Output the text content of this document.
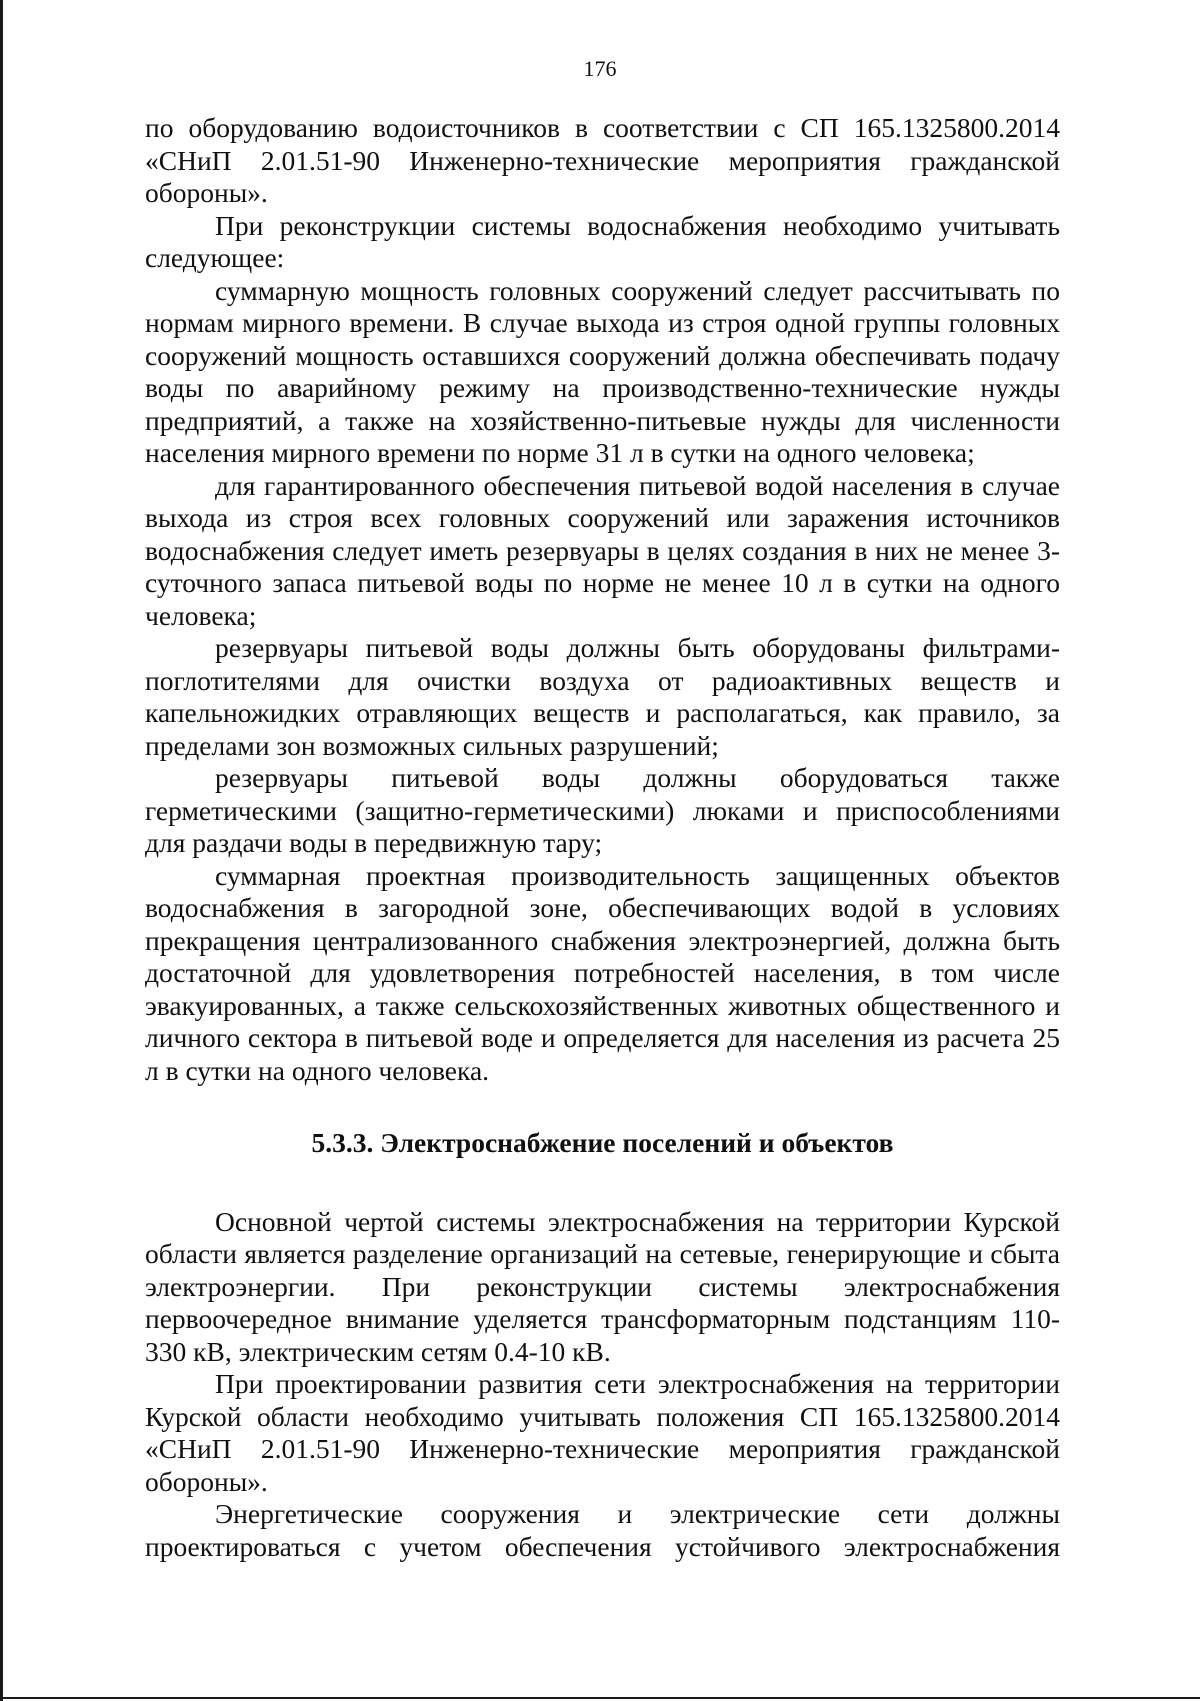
176

по оборудованию водоисточников в соответствии с СП 165.1325800.2014 «СНиП 2.01.51-90 Инженерно-технические мероприятия гражданской обороны».

При реконструкции системы водоснабжения необходимо учитывать следующее:

суммарную мощность головных сооружений следует рассчитывать по нормам мирного времени. В случае выхода из строя одной группы головных сооружений мощность оставшихся сооружений должна обеспечивать подачу воды по аварийному режиму на производственно-технические нужды предприятий, а также на хозяйственно-питьевые нужды для численности населения мирного времени по норме 31 л в сутки на одного человека;

для гарантированного обеспечения питьевой водой населения в случае выхода из строя всех головных сооружений или заражения источников водоснабжения следует иметь резервуары в целях создания в них не менее 3-суточного запаса питьевой воды по норме не менее 10 л в сутки на одного человека;

резервуары питьевой воды должны быть оборудованы фильтрами-поглотителями для очистки воздуха от радиоактивных веществ и капельножидких отравляющих веществ и располагаться, как правило, за пределами зон возможных сильных разрушений;

резервуары питьевой воды должны оборудоваться также герметическими (защитно-герметическими) люками и приспособлениями для раздачи воды в передвижную тару;

суммарная проектная производительность защищенных объектов водоснабжения в загородной зоне, обеспечивающих водой в условиях прекращения централизованного снабжения электроэнергией, должна быть достаточной для удовлетворения потребностей населения, в том числе эвакуированных, а также сельскохозяйственных животных общественного и личного сектора в питьевой воде и определяется для населения из расчета 25 л в сутки на одного человека.

5.3.3. Электроснабжение поселений и объектов

Основной чертой системы электроснабжения на территории Курской области является разделение организаций на сетевые, генерирующие и сбыта электроэнергии. При реконструкции системы электроснабжения первоочередное внимание уделяется трансформаторным подстанциям 110-330 кВ, электрическим сетям 0.4-10 кВ.

При проектировании развития сети электроснабжения на территории Курской области необходимо учитывать положения СП 165.1325800.2014 «СНиП 2.01.51-90 Инженерно-технические мероприятия гражданской обороны».

Энергетические сооружения и электрические сети должны проектироваться с учетом обеспечения устойчивого электроснабжения
